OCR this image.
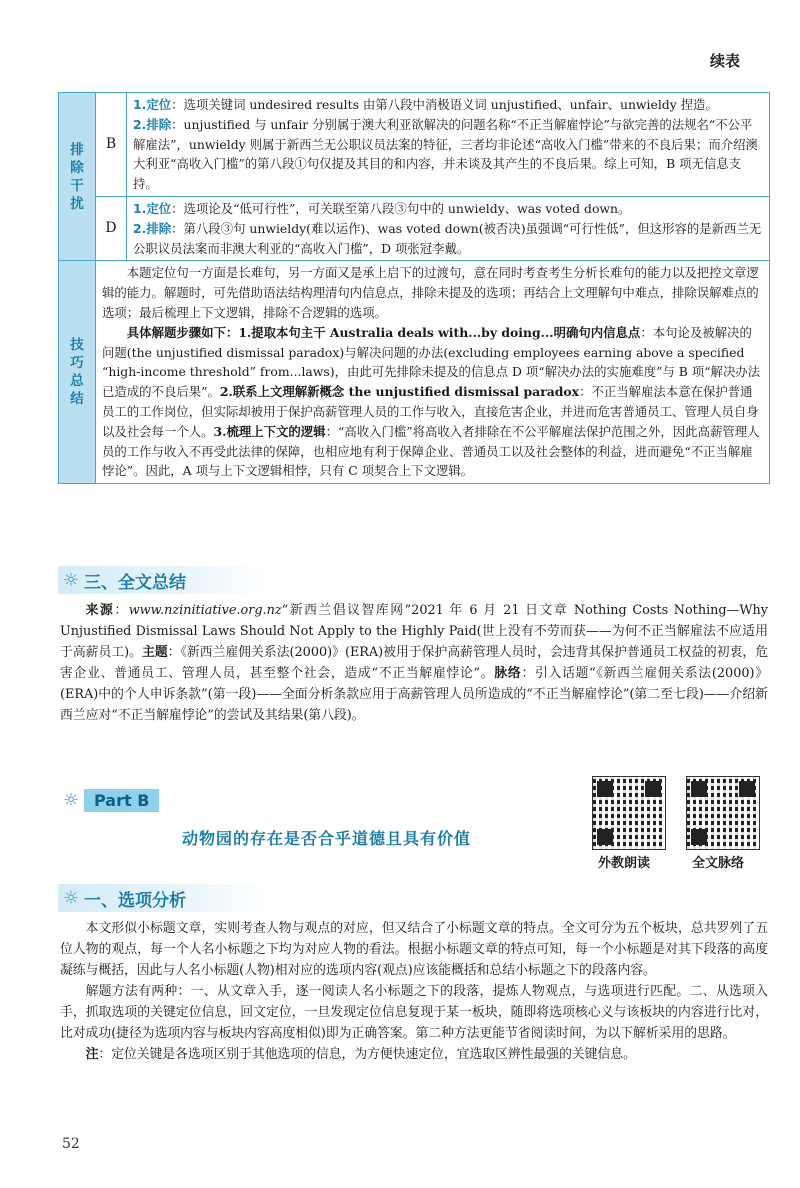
续表
排除干扰	B	1.定位：选项关键词 undesired results 由第八段中消极语义词 unjustified、unfair、unwieldy 捏造。
2.排除：unjustified 与 unfair 分别属于澳大利亚欲解决的问题名称“不正当解雇悖论”与欲完善的法规名“不公平解雇法”，unwieldy 则属于新西兰无公职议员法案的特征，三者均非论述“高收入门槛”带来的不良后果；而介绍澳大利亚“高收入门槛”的第八段①句仅提及其目的和内容，并未谈及其产生的不良后果。综上可知，B 项无信息支持。

	D	1.定位：选项论及“低可行性”，可关联至第八段③句中的 unwieldy、was voted down。
2.排除：第八段③句 unwieldy(难以运作)、was voted down(被否决)虽强调“可行性低”，但这形容的是新西兰无公职议员法案而非澳大利亚的“高收入门槛”，D 项张冠李戴。

技巧总结	本题定位句一方面是长难句，另一方面又是承上启下的过渡句，意在同时考查考生分析长难句的能力以及把控文章逻辑的能力。解题时，可先借助语法结构理清句内信息点，排除未提及的选项；再结合上文理解句中难点，排除误解难点的选项；最后梳理上下文逻辑，排除不合逻辑的选项。

具体解题步骤如下：1.提取本句主干 Australia deals with...by doing...明确句内信息点：本句论及被解决的问题(the unjustified dismissal paradox)与解决问题的办法(excluding employees earning above a specified “high-income threshold” from...laws)，由此可先排除未提及的信息点 D 项“解决办法的实施难度”与 B 项“解决办法已造成的不良后果”。2.联系上文理解新概念 the unjustified dismissal paradox：不正当解雇法本意在保护普通员工的工作岗位，但实际却被用于保护高薪管理人员的工作与收入，直接危害企业，并进而危害普通员工、管理人员自身以及社会每一个人。3.梳理上下文的逻辑：“高收入门槛”将高收入者排除在不公平解雇法保护范围之外，因此高薪管理人员的工作与收入不再受此法律的保障，也相应地有利于保障企业、普通员工以及社会整体的利益，进而避免“不正当解雇悖论”。因此，A 项与上下文逻辑相悖，只有 C 项契合上下文逻辑。	

☼ 三、全文总结

来源：www.nzinitiative.org.nz“新西兰倡议智库网”2021 年 6 月 21 日文章 Nothing Costs Nothing—Why Unjustified Dismissal Laws Should Not Apply to the Highly Paid(世上没有不劳而获——为何不正当解雇法不应适用于高薪员工)。主题：《新西兰雇佣关系法(2000)》(ERA)被用于保护高薪管理人员时，会违背其保护普通员工权益的初衷，危害企业、普通员工、管理人员，甚至整个社会，造成“不正当解雇悖论”。脉络：引入话题“《新西兰雇佣关系法(2000)》(ERA)中的个人申诉条款”(第一段)——全面分析条款应用于高薪管理人员所造成的“不正当解雇悖论”(第二至七段)——介绍新西兰应对“不正当解雇悖论”的尝试及其结果(第八段)。

☼ Part B
动物园的存在是否合乎道德且具有价值
外教朗读	全文脉络
☼ 一、选项分析

本文形似小标题文章，实则考查人物与观点的对应，但又结合了小标题文章的特点。全文可分为五个板块，总共罗列了五位人物的观点，每一个人名小标题之下均为对应人物的看法。根据小标题文章的特点可知，每一个小标题是对其下段落的高度凝练与概括，因此与人名小标题(人物)相对应的选项内容(观点)应该能概括和总结小标题之下的段落内容。

解题方法有两种：一、从文章入手，逐一阅读人名小标题之下的段落，提炼人物观点，与选项进行匹配。二、从选项入手，抓取选项的关键定位信息，回文定位，一旦发现定位信息复现于某一板块，随即将选项核心义与该板块的内容进行比对，比对成功(捷径为选项内容与板块内容高度相似)即为正确答案。第二种方法更能节省阅读时间，为以下解析采用的思路。

注：定位关键是各选项区别于其他选项的信息，为方便快速定位，宜选取区辨性最强的关键信息。

52
